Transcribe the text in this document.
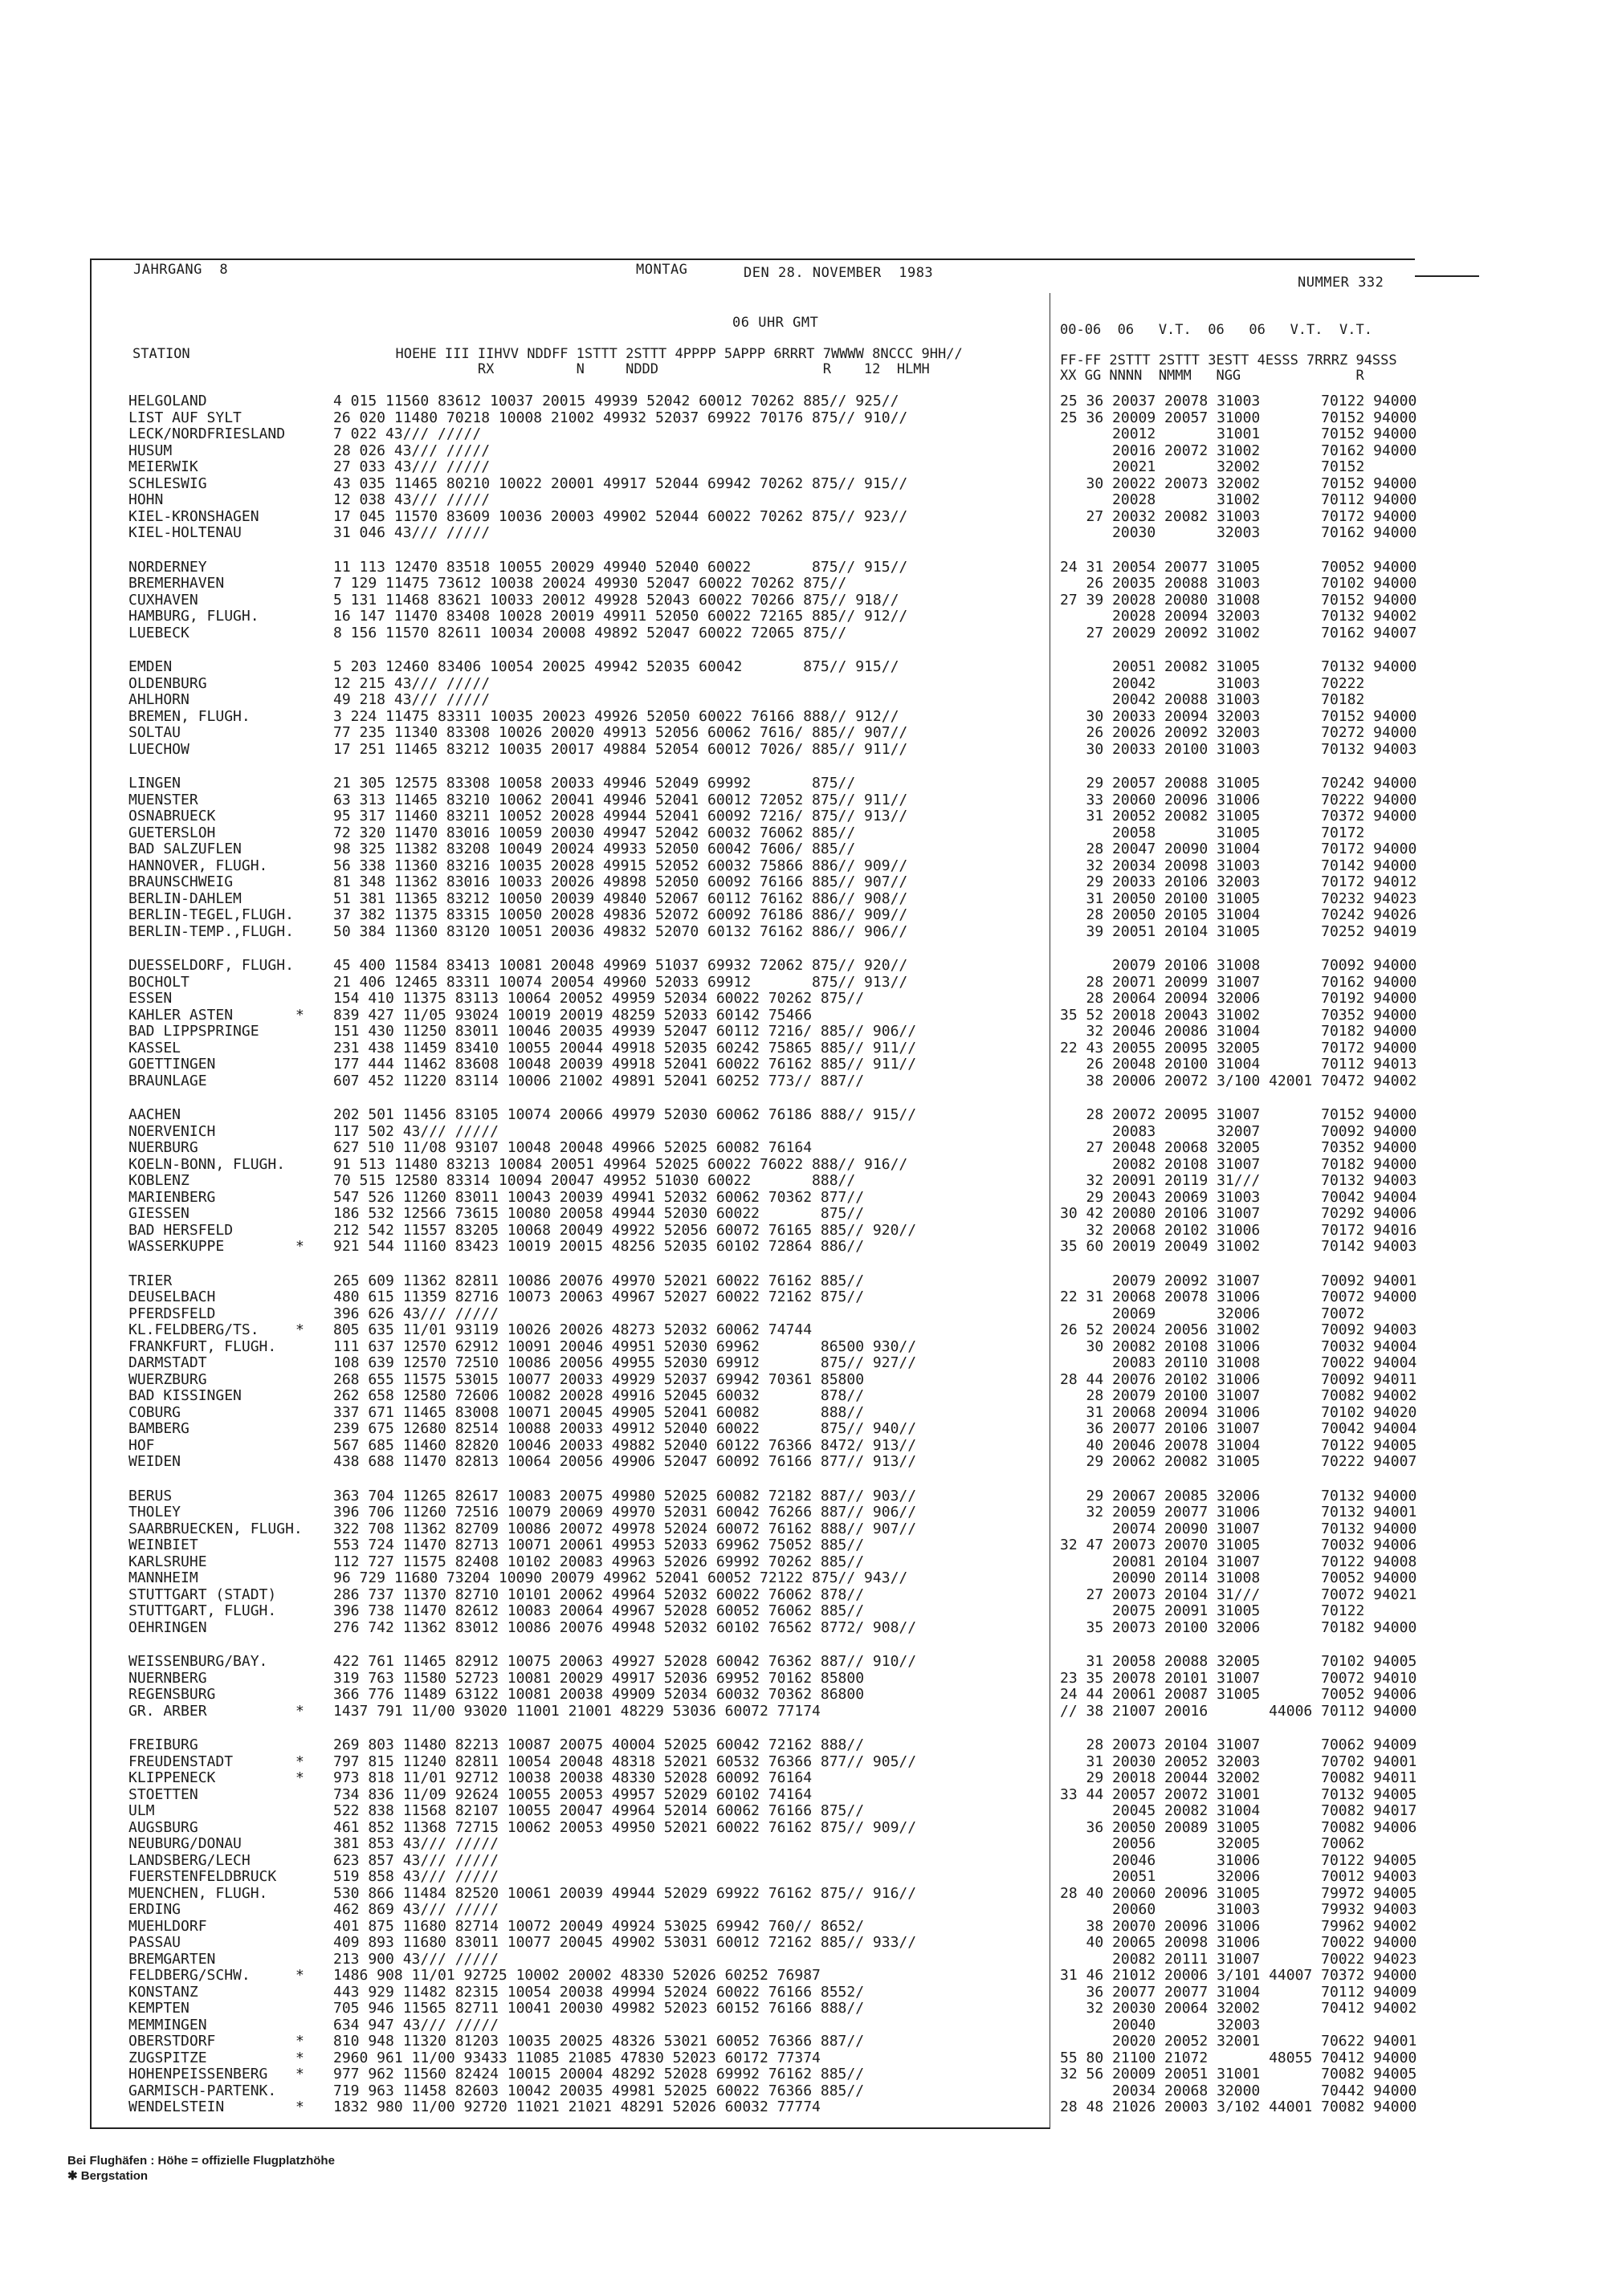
JAHRGANG  8	MONTAG	DEN 28. NOVEMBER  1983
NUMMER 332
06 UHR GMT
STATION                         HOEHE III IIHVV NDDFF 1STTT 2STTT 4PPPP 5APPP 6RRRT 7WWWW 8NCCC 9HH//
RX          N     NDDD                    R    12  HLMH
00-06  06   V.T.  06   06   V.T.  V.T.
FF-FF 2STTT 2STTT 3ESTT 4ESSS 7RRRZ 94SSS
XX GG NNNN  NMMM   NGG              R
HELGOLAND	4 015 11560 83612 10037 20015 49939 52042 60012 70262 885// 925//	25 36 20037 20078 31003       70122 94000
LIST AUF SYLT	26 020 11480 70218 10008 21002 49932 52037 69922 70176 875// 910//	25 36 20009 20057 31000       70152 94000
LECK/NORDFRIESLAND	7 022 43/// /////	20012       31001       70152 94000
HUSUM	28 026 43/// /////	20016 20072 31002       70162 94000
MEIERWIK	27 033 43/// /////	20021       32002       70152
SCHLESWIG	43 035 11465 80210 10022 20001 49917 52044 69942 70262 875// 915//	30 20022 20073 32002       70152 94000
HOHN	12 038 43/// /////	20028       31002       70112 94000
KIEL-KRONSHAGEN	17 045 11570 83609 10036 20003 49902 52044 60022 70262 875// 923//	27 20032 20082 31003       70172 94000
KIEL-HOLTENAU	31 046 43/// /////	20030       32003       70162 94000
NORDERNEY	11 113 12470 83518 10055 20029 49940 52040 60022       875// 915//	24 31 20054 20077 31005       70052 94000
BREMERHAVEN	7 129 11475 73612 10038 20024 49930 52047 60022 70262 875//	26 20035 20088 31003       70102 94000
CUXHAVEN	5 131 11468 83621 10033 20012 49928 52043 60022 70266 875// 918//	27 39 20028 20080 31008       70152 94000
HAMBURG, FLUGH.	16 147 11470 83408 10028 20019 49911 52050 60022 72165 885// 912//	20028 20094 32003       70132 94002
LUEBECK	8 156 11570 82611 10034 20008 49892 52047 60022 72065 875//	27 20029 20092 31002       70162 94007
EMDEN	5 203 12460 83406 10054 20025 49942 52035 60042       875// 915//	20051 20082 31005       70132 94000
OLDENBURG	12 215 43/// /////	20042       31003       70222
AHLHORN	49 218 43/// /////	20042 20088 31003       70182
BREMEN, FLUGH.	3 224 11475 83311 10035 20023 49926 52050 60022 76166 888// 912//	30 20033 20094 32003       70152 94000
SOLTAU	77 235 11340 83308 10026 20020 49913 52056 60062 7616/ 885// 907//	26 20026 20092 32003       70272 94000
LUECHOW	17 251 11465 83212 10035 20017 49884 52054 60012 7026/ 885// 911//	30 20033 20100 31003       70132 94003
LINGEN	21 305 12575 83308 10058 20033 49946 52049 69992       875//	29 20057 20088 31005       70242 94000
MUENSTER	63 313 11465 83210 10062 20041 49946 52041 60012 72052 875// 911//	33 20060 20096 31006       70222 94000
OSNABRUECK	95 317 11460 83211 10052 20028 49944 52041 60092 7216/ 875// 913//	31 20052 20082 31005       70372 94000
GUETERSLOH	72 320 11470 83016 10059 20030 49947 52042 60032 76062 885//	20058       31005       70172
BAD SALZUFLEN	98 325 11382 83208 10049 20024 49933 52050 60042 7606/ 885//	28 20047 20090 31004       70172 94000
HANNOVER, FLUGH.	56 338 11360 83216 10035 20028 49915 52052 60032 75866 886// 909//	32 20034 20098 31003       70142 94000
BRAUNSCHWEIG	81 348 11362 83016 10033 20026 49898 52050 60092 76166 885// 907//	29 20033 20106 32003       70172 94012
BERLIN-DAHLEM	51 381 11365 83212 10050 20039 49840 52067 60112 76162 886// 908//	31 20050 20100 31005       70232 94023
BERLIN-TEGEL,FLUGH.	37 382 11375 83315 10050 20028 49836 52072 60092 76186 886// 909//	28 20050 20105 31004       70242 94026
BERLIN-TEMP.,FLUGH.	50 384 11360 83120 10051 20036 49832 52070 60132 76162 886// 906//	39 20051 20104 31005       70252 94019
DUESSELDORF, FLUGH.	45 400 11584 83413 10081 20048 49969 51037 69932 72062 875// 920//	20079 20106 31008       70092 94000
BOCHOLT	21 406 12465 83311 10074 20054 49960 52033 69912       875// 913//	28 20071 20099 31007       70162 94000
ESSEN	154 410 11375 83113 10064 20052 49959 52034 60022 70262 875//	28 20064 20094 32006       70192 94000
KAHLER ASTEN	* 839 427 11/05 93024 10019 20019 48259 52033 60142 75466	35 52 20018 20043 31002       70352 94000
BAD LIPPSPRINGE	151 430 11250 83011 10046 20035 49939 52047 60112 7216/ 885// 906//	32 20046 20086 31004       70182 94000
KASSEL	231 438 11459 83410 10055 20044 49918 52035 60242 75865 885// 911//	22 43 20055 20095 32005       70172 94000
GOETTINGEN	177 444 11462 83608 10048 20039 49918 52041 60022 76162 885// 911//	26 20048 20100 31004       70112 94013
BRAUNLAGE	607 452 11220 83114 10006 21002 49891 52041 60252 773// 887//	38 20006 20072 3/100 42001 70472 94002
AACHEN	202 501 11456 83105 10074 20066 49979 52030 60062 76186 888// 915//	28 20072 20095 31007       70152 94000
NOERVENICH	117 502 43/// /////	20083       32007       70092 94000
NUERBURG	627 510 11/08 93107 10048 20048 49966 52025 60082 76164	27 20048 20068 32005       70352 94000
KOELN-BONN, FLUGH.	91 513 11480 83213 10084 20051 49964 52025 60022 76022 888// 916//	20082 20108 31007       70182 94000
KOBLENZ	70 515 12580 83314 10094 20047 49952 51030 60022       888//	32 20091 20119 31///       70132 94003
MARIENBERG	547 526 11260 83011 10043 20039 49941 52032 60062 70362 877//	29 20043 20069 31003       70042 94004
GIESSEN	186 532 12566 73615 10080 20058 49944 52030 60022       875//	30 42 20080 20106 31007       70292 94006
BAD HERSFELD	212 542 11557 83205 10068 20049 49922 52056 60072 76165 885// 920//	32 20068 20102 31006       70172 94016
WASSERKUPPE	* 921 544 11160 83423 10019 20015 48256 52035 60102 72864 886//	35 60 20019 20049 31002       70142 94003
TRIER	265 609 11362 82811 10086 20076 49970 52021 60022 76162 885//	20079 20092 31007       70092 94001
DEUSELBACH	480 615 11359 82716 10073 20063 49967 52027 60022 72162 875//	22 31 20068 20078 31006       70072 94000
PFERDSFELD	396 626 43/// /////	20069       32006       70072
KL.FELDBERG/TS.	* 805 635 11/01 93119 10026 20026 48273 52032 60062 74744	26 52 20024 20056 31002       70092 94003
FRANKFURT, FLUGH.	111 637 12570 62912 10091 20046 49951 52030 69962       86500 930//	30 20082 20108 31006       70032 94004
DARMSTADT	108 639 12570 72510 10086 20056 49955 52030 69912       875// 927//	20083 20110 31008       70022 94004
WUERZBURG	268 655 11575 53015 10077 20033 49929 52037 69942 70361 85800	28 44 20076 20102 31006       70092 94011
BAD KISSINGEN	262 658 12580 72606 10082 20028 49916 52045 60032       878//	28 20079 20100 31007       70082 94002
COBURG	337 671 11465 83008 10071 20045 49905 52041 60082       888//	31 20068 20094 31006       70102 94020
BAMBERG	239 675 12680 82514 10088 20033 49912 52040 60022       875// 940//	36 20077 20106 31007       70042 94004
HOF	567 685 11460 82820 10046 20033 49882 52040 60122 76366 8472/ 913//	40 20046 20078 31004       70122 94005
WEIDEN	438 688 11470 82813 10064 20056 49906 52047 60092 76166 877// 913//	29 20062 20082 31005       70222 94007
BERUS	363 704 11265 82617 10083 20075 49980 52025 60082 72182 887// 903//	29 20067 20085 32006       70132 94000
THOLEY	396 706 11260 72516 10079 20069 49970 52031 60042 76266 887// 906//	32 20059 20077 31006       70132 94001
SAARBRUECKEN, FLUGH. 322 708 11362 82709 10086 20072 49978 52024 60072 76162 888// 907//	20074 20090 31007       70132 94000
WEINBIET	553 724 11470 82713 10071 20061 49953 52033 69962 75052 885//	32 47 20073 20070 31005       70032 94006
KARLSRUHE	112 727 11575 82408 10102 20083 49963 52026 69992 70262 885//	20081 20104 31007       70122 94008
MANNHEIM	96 729 11680 73204 10090 20079 49962 52041 60052 72122 875// 943//	20090 20114 31008       70052 94000
STUTTGART (STADT)	286 737 11370 82710 10101 20062 49964 52032 60022 76062 878//	27 20073 20104 31///       70072 94021
STUTTGART, FLUGH.	396 738 11470 82612 10083 20064 49967 52028 60052 76062 885//	20075 20091 31005       70122
OEHRINGEN	276 742 11362 83012 10086 20076 49948 52032 60102 76562 8772/ 908//	35 20073 20100 32006       70182 94000
WEISSENBURG/BAY.	422 761 11465 82912 10075 20063 49927 52028 60042 76362 887// 910//	31 20058 20088 32005       70102 94005
NUERNBERG	319 763 11580 52723 10081 20029 49917 52036 69952 70162 85800	23 35 20078 20101 31007       70072 94010
REGENSBURG	366 776 11489 63122 10081 20038 49909 52034 60032 70362 86800	24 44 20061 20087 31005       70052 94006
GR. ARBER	* 1437 791 11/00 93020 11001 21001 48229 53036 60072 77174	// 38 21007 20016       44006 70112 94000
FREIBURG	269 803 11480 82213 10087 20075 40004 52025 60042 72162 888//	28 20073 20104 31007       70062 94009
FREUDENSTADT	* 797 815 11240 82811 10054 20048 48318 52021 60532 76366 877// 905//	31 20030 20052 32003       70702 94001
KLIPPENECK	* 973 818 11/01 92712 10038 20038 48330 52028 60092 76164	29 20018 20044 32002       70082 94011
STOETTEN	734 836 11/09 92624 10055 20053 49957 52029 60102 74164	33 44 20057 20072 31001       70132 94005
ULM	522 838 11568 82107 10055 20047 49964 52014 60062 76166 875//	20045 20082 31004       70082 94017
AUGSBURG	461 852 11368 72715 10062 20053 49950 52021 60022 76162 875// 909//	36 20050 20089 31005       70082 94006
NEUBURG/DONAU	381 853 43/// /////	20056       32005       70062
LANDSBERG/LECH	623 857 43/// /////	20046       31006       70122 94005
FUERSTENFELDBRUCK	519 858 43/// /////	20051       32006       70012 94003
MUENCHEN, FLUGH.	530 866 11484 82520 10061 20039 49944 52029 69922 76162 875// 916//	28 40 20060 20096 31005       79972 94005
ERDING	462 869 43/// /////	20060       31003       79932 94003
MUEHLDORF	401 875 11680 82714 10072 20049 49924 53025 69942 760// 8652/	38 20070 20096 31006       79962 94002
PASSAU	409 893 11680 83011 10077 20045 49902 53031 60012 72162 885// 933//	40 20065 20098 31006       70022 94000
BREMGARTEN	213 900 43/// /////	20082 20111 31007       70022 94023
FELDBERG/SCHW.	* 1486 908 11/01 92725 10002 20002 48330 52026 60252 76987	31 46 21012 20006 3/101 44007 70372 94000
KONSTANZ	443 929 11482 82315 10054 20038 49994 52024 60022 76166 8552/	36 20077 20077 31004       70112 94009
KEMPTEN	705 946 11565 82711 10041 20030 49982 52023 60152 76166 888//	32 20030 20064 32002       70412 94002
MEMMINGEN	634 947 43/// /////	20040       32003
OBERSTDORF	* 810 948 11320 81203 10035 20025 48326 53021 60052 76366 887//	20020 20052 32001       70622 94001
ZUGSPITZE	* 2960 961 11/00 93433 11085 21085 47830 52023 60172 77374	55 80 21100 21072       48055 70412 94000
HOHENPEISSENBERG * 977 962 11560 82424 10015 20004 48292 52028 69992 76162 885//	32 56 20009 20051 31001       70082 94005
GARMISCH-PARTENK.	719 963 11458 82603 10042 20035 49981 52025 60022 76366 885//	20034 20068 32000       70442 94000
WENDELSTEIN	* 1832 980 11/00 92720 11021 21021 48291 52026 60032 77774	28 48 21026 20003 3/102 44001 70082 94000
Bei Flughäfen : Höhe = offizielle Flugplatzhöhe
✱ Bergstation
